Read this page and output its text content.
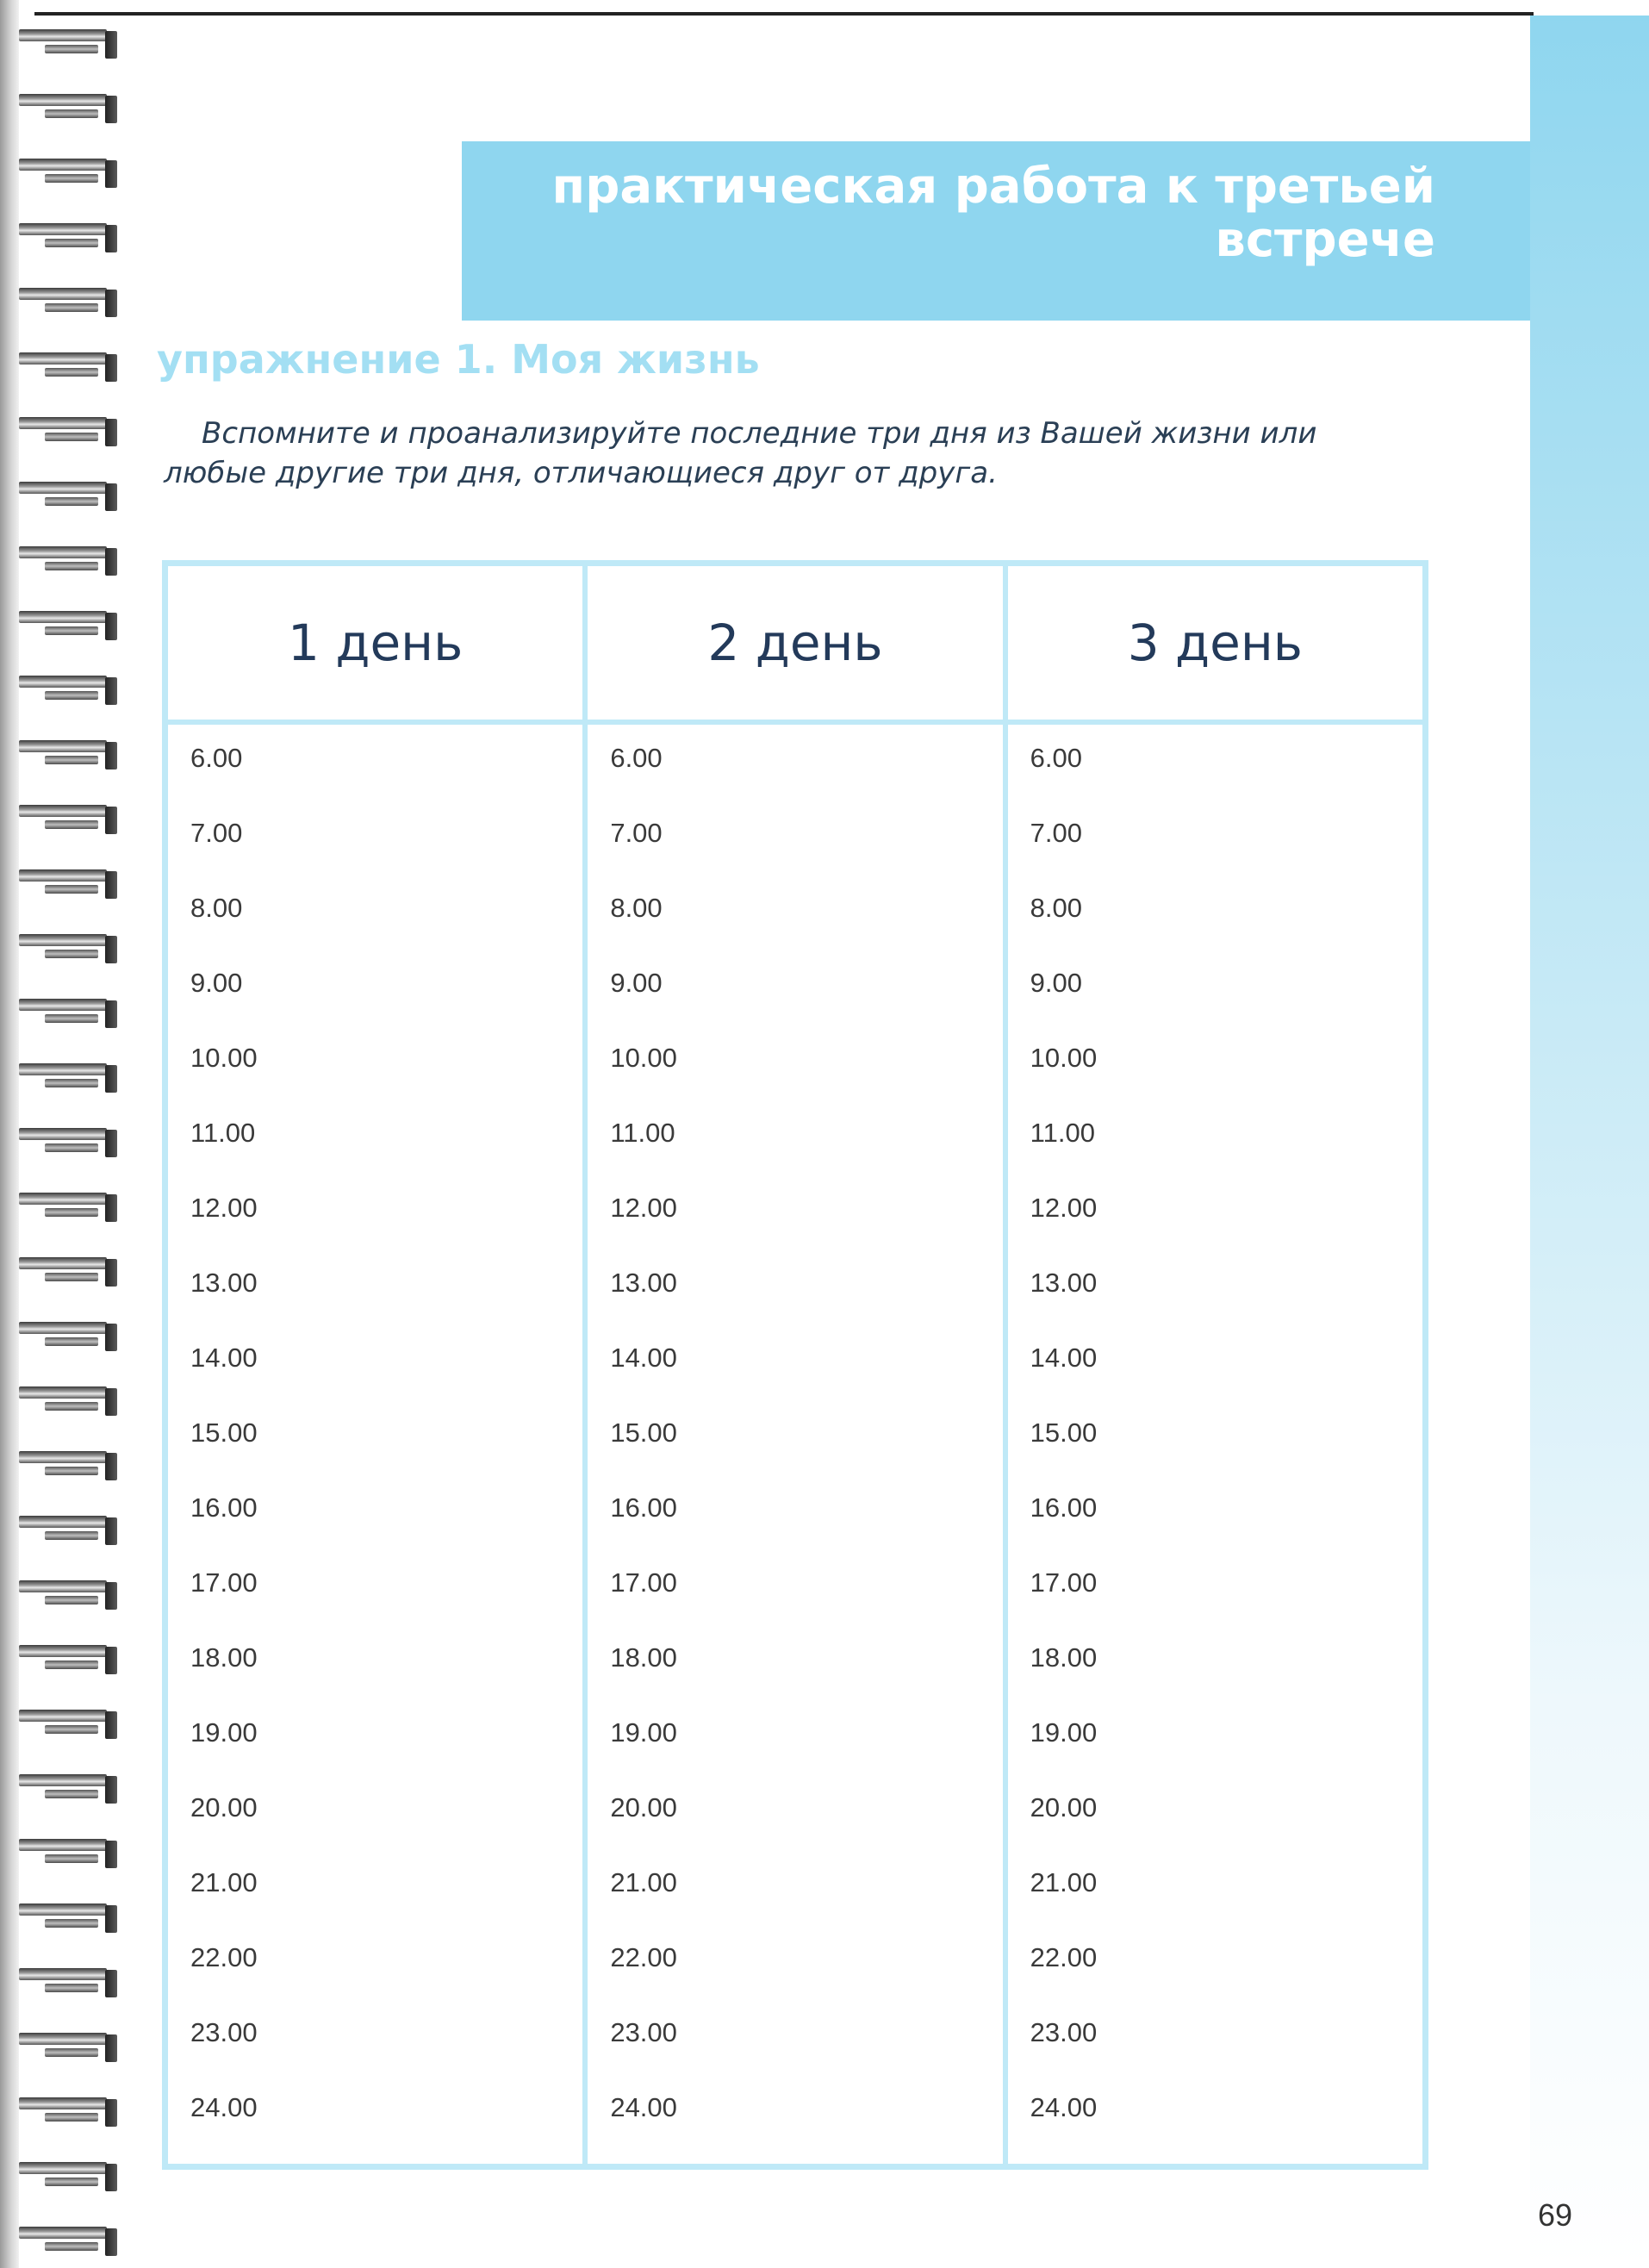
практическая работа к третьей встрече
упражнение 1. Моя жизнь
Вспомните и проанализируйте последние три дня из Вашей жизни или любые другие три дня, отличающиеся друг от друга.
1 день
6.00
7.00
8.00
9.00
10.00
11.00
12.00
13.00
14.00
15.00
16.00
17.00
18.00
19.00
20.00
21.00
22.00
23.00
24.00
2 день
6.00
7.00
8.00
9.00
10.00
11.00
12.00
13.00
14.00
15.00
16.00
17.00
18.00
19.00
20.00
21.00
22.00
23.00
24.00
3 день
6.00
7.00
8.00
9.00
10.00
11.00
12.00
13.00
14.00
15.00
16.00
17.00
18.00
19.00
20.00
21.00
22.00
23.00
24.00
69
